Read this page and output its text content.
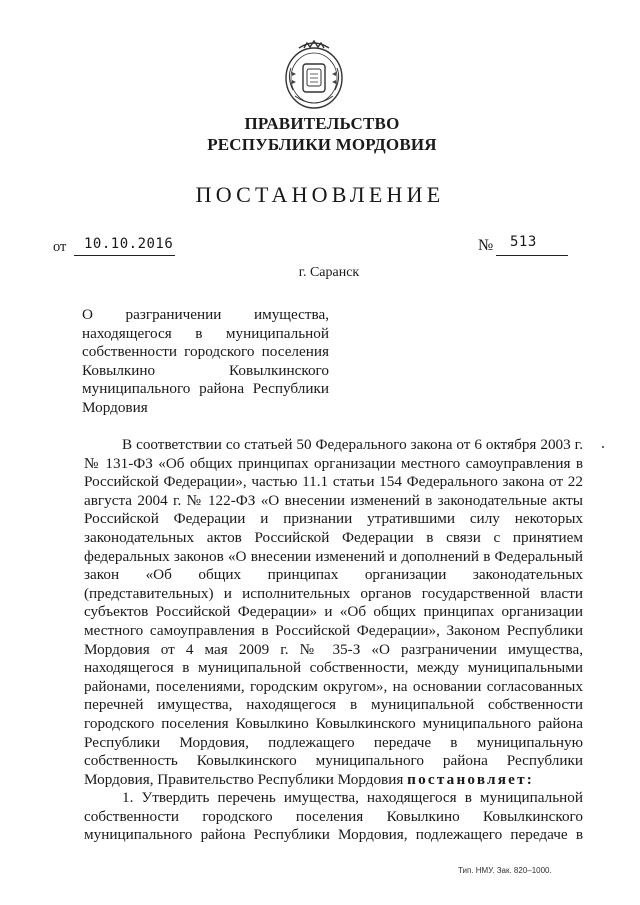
ПРАВИТЕЛЬСТВО
РЕСПУБЛИКИ МОРДОВИЯ
ПОСТАНОВЛЕНИЕ
от 10.10.2016	№ 513
г. Саранск
О разграничении имущества,
находящегося в муниципальной
собственности городского поселения
Ковылкино Ковылкинского
муниципального района Республики
Мордовия
В соответствии со статьей 50 Федерального закона от 6 октября 2003 г.
№ 131-ФЗ «Об общих принципах организации местного самоуправления в
Российской Федерации», частью 11.1 статьи 154 Федерального закона от 22
августа 2004 г. № 122-ФЗ «О внесении изменений в законодательные акты
Российской Федерации и признании утратившими силу некоторых
законодательных актов Российской Федерации в связи с принятием
федеральных законов «О внесении изменений и дополнений в Федеральный
закон «Об общих принципах организации законодательных
(представительных) и исполнительных органов государственной власти
субъектов Российской Федерации» и «Об общих принципах организации
местного самоуправления в Российской Федерации», Законом Республики
Мордовия от 4 мая 2009 г. № 35-З «О разграничении имущества,
находящегося в муниципальной собственности, между муниципальными
районами, поселениями, городским округом», на основании согласованных
перечней имущества, находящегося в муниципальной собственности
городского поселения Ковылкино Ковылкинского муниципального района
Республики Мордовия, подлежащего передаче в муниципальную
собственность Ковылкинского муниципального района Республики
Мордовия, Правительство Республики Мордовия постановляет:
1. Утвердить перечень имущества, находящегося в муниципальной
собственности городского поселения Ковылкино Ковылкинского
муниципального района Республики Мордовия, подлежащего передаче в
Тип. НМУ. Зак. 820–1000.
